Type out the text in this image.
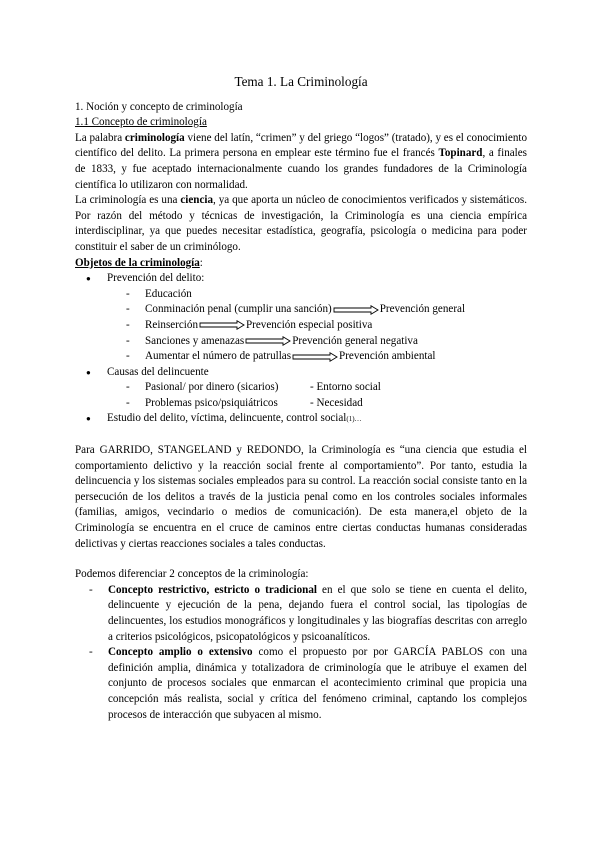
Tema 1. La Criminología
1. Noción y concepto de criminología
1.1 Concepto de criminología

La palabra criminología viene del latín, “crimen” y del griego “logos” (tratado), y es el conocimiento científico del delito. La primera persona en emplear este término fue el francés Topinard, a finales de 1833, y fue aceptado internacionalmente cuando los grandes fundadores de la Criminología científica lo utilizaron con normalidad.

La criminología es una ciencia, ya que aporta un núcleo de conocimientos verificados y sistemáticos. Por razón del método y técnicas de investigación, la Criminología es una ciencia empírica interdisciplinar, ya que puedes necesitar estadística, geografía, psicología o medicina para poder constituir el saber de un criminólogo.

Objetos de la criminología:
● Prevención del delito:
- Educación
- Conminación penal (cumplir una sanción)	Prevención general
- Reinserción	Prevención especial positiva
- Sanciones y amenazas	Prevención general negativa
- Aumentar el número de patrullas	Prevención ambiental
● Causas del delincuente
- Pasional/ por dinero (sicarios)	- Entorno social
- Problemas psico/psiquiátricos	- Necesidad
● Estudio del delito, víctima, delincuente, control social(1)…

Para GARRIDO, STANGELAND y REDONDO, la Criminología es “una ciencia que estudia el comportamiento delictivo y la reacción social frente al comportamiento”. Por tanto, estudia la delincuencia y los sistemas sociales empleados para su control. La reacción social consiste tanto en la persecución de los delitos a través de la justicia penal como en los controles sociales informales (familias, amigos, vecindario o medios de comunicación). De esta manera,el objeto de la Criminología se encuentra en el cruce de caminos entre ciertas conductas humanas consideradas delictivas y ciertas reacciones sociales a tales conductas.

Podemos diferenciar 2 conceptos de la criminología:

- Concepto restrictivo, estricto o tradicional en el que solo se tiene en cuenta el delito, delincuente y ejecución de la pena, dejando fuera el control social, las tipologías de delincuentes, los estudios monográficos y longitudinales y las biografías descritas con arreglo a criterios psicológicos, psicopatológicos y psicoanalíticos.
- Concepto amplio o extensivo como el propuesto por por GARCÍA PABLOS con una definición amplia, dinámica y totalizadora de criminología que le atribuye el examen del conjunto de procesos sociales que enmarcan el acontecimiento criminal que propicia una concepción más realista, social y crítica del fenómeno criminal, captando los complejos procesos de interacción que subyacen al mismo.
